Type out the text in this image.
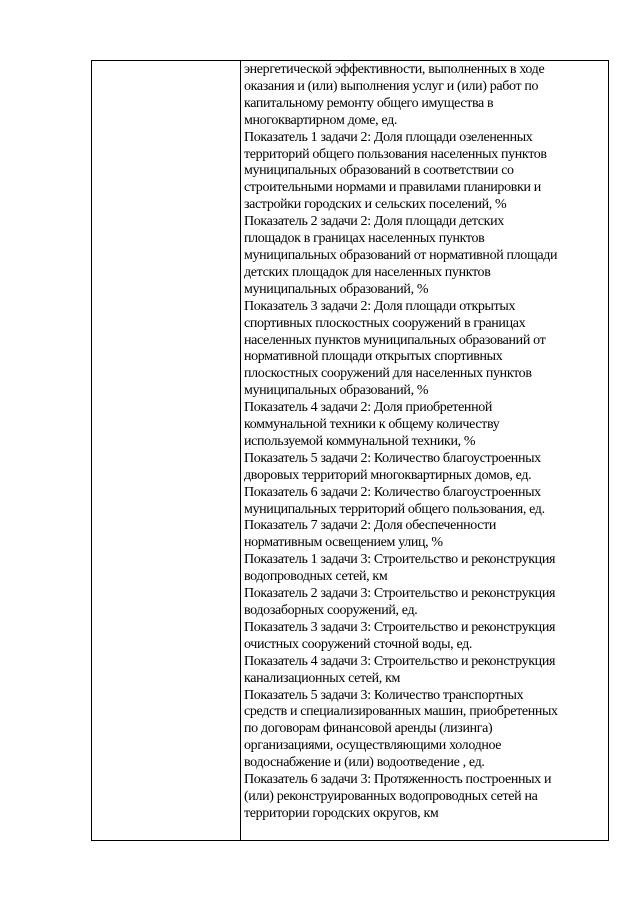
энергетической эффективности, выполненных в ходе
оказания и (или) выполнения услуг и (или) работ по
капитальному ремонту общего имущества в
многоквартирном доме, ед.

Показатель 1 задачи 2: Доля площади озелененных
территорий общего пользования населенных пунктов
муниципальных образований в соответствии со
строительными нормами и правилами планировки и
застройки городских и сельских поселений, %

Показатель 2 задачи 2: Доля площади детских
площадок в границах населенных пунктов
муниципальных образований от нормативной площади
детских площадок для населенных пунктов
муниципальных образований, %

Показатель 3 задачи 2: Доля площади открытых
спортивных плоскостных сооружений в границах
населенных пунктов муниципальных образований от
нормативной площади открытых спортивных
плоскостных сооружений для населенных пунктов
муниципальных образований, %

Показатель 4 задачи 2: Доля приобретенной
коммунальной техники к общему количеству
используемой коммунальной техники, %

Показатель 5 задачи 2: Количество благоустроенных
дворовых территорий многоквартирных домов, ед.

Показатель 6 задачи 2: Количество благоустроенных
муниципальных территорий общего пользования, ед.

Показатель 7 задачи 2: Доля обеспеченности
нормативным освещением улиц, %

Показатель 1 задачи 3: Строительство и реконструкция
водопроводных сетей, км

Показатель 2 задачи 3: Строительство и реконструкция
водозаборных сооружений, ед.

Показатель 3 задачи 3: Строительство и реконструкция
очистных сооружений сточной воды, ед.

Показатель 4 задачи 3: Строительство и реконструкция
канализационных сетей, км

Показатель 5 задачи 3: Количество транспортных
средств и специализированных машин, приобретенных
по договорам финансовой аренды (лизинга)
организациями, осуществляющими холодное
водоснабжение и (или) водоотведение , ед.

Показатель 6 задачи 3: Протяженность построенных и
(или) реконструированных водопроводных сетей на
территории городских округов, км
